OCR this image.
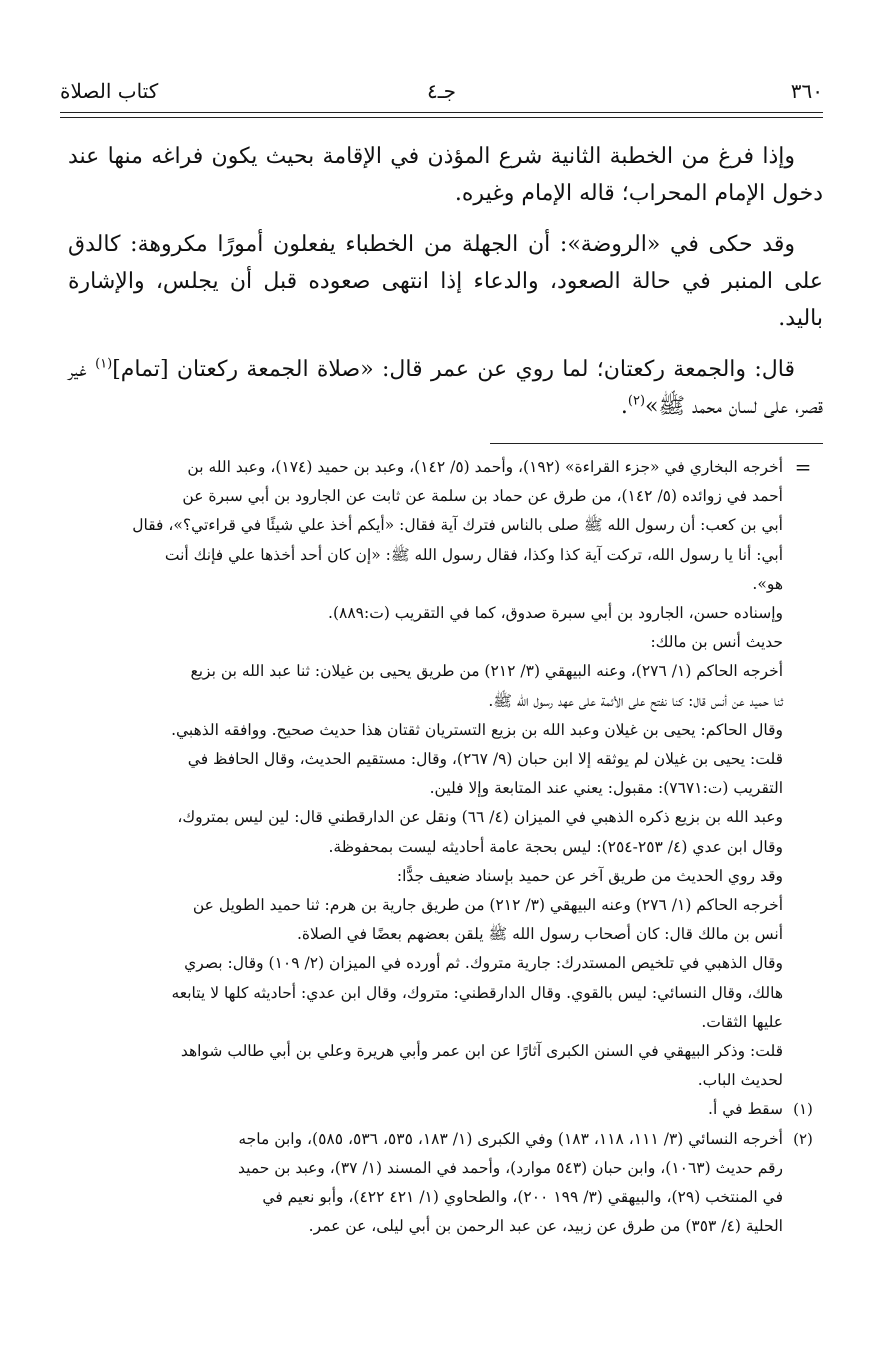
٣٦٠
جـ٤
كتاب الصلاة

وإذا فرغ من الخطبة الثانية شرع المؤذن في الإقامة بحيث يكون فراغه منها عند دخول الإمام المحراب؛ قاله الإمام وغيره.

وقد حكى في «الروضة»: أن الجهلة من الخطباء يفعلون أمورًا مكروهة: كالدق على المنبر في حالة الصعود، والدعاء إذا انتهى صعوده قبل أن يجلس، والإشارة باليد.

قال: والجمعة ركعتان؛ لما روي عن عمر قال: «صلاة الجمعة ركعتان [تمام]$^{(١)}$ غير قصر، على لسان محمد ﷺ»$^{(٢)}$.

=
أخرجه البخاري في «جزء القراءة» (١٩٢)، وأحمد (٥/ ١٤٢)، وعبد بن حميد (١٧٤)، وعبد الله بن
أحمد في زوائده (٥/ ١٤٢)، من طرق عن حماد بن سلمة عن ثابت عن الجارود بن أبي سبرة عن
أبي بن كعب: أن رسول الله ﷺ صلى بالناس فترك آية فقال: «أيكم أخذ علي شيئًا في قراءتي؟»، فقال
أبي: أنا يا رسول الله، تركت آية كذا وكذا، فقال رسول الله ﷺ: «إن كان أحد أخذها علي فإنك أنت
هو».
وإسناده حسن، الجارود بن أبي سبرة صدوق، كما في التقريب (ت:٨٨٩).
حديث أنس بن مالك:
أخرجه الحاكم (١/ ٢٧٦)، وعنه البيهقي (٣/ ٢١٢) من طريق يحيى بن غيلان: ثنا عبد الله بن بزيع
ثنا حميد عن أنس قال: كنا نفتح على الأئمة على عهد رسول الله ﷺ.
وقال الحاكم: يحيى بن غيلان وعبد الله بن بزيع التستريان ثقتان هذا حديث صحيح. ووافقه الذهبي.
قلت: يحيى بن غيلان لم يوثقه إلا ابن حبان (٩/ ٢٦٧)، وقال: مستقيم الحديث، وقال الحافظ في
التقريب (ت:٧٦٧١): مقبول: يعني عند المتابعة وإلا فلين.
وعبد الله بن بزيع ذكره الذهبي في الميزان (٤/ ٦٦) ونقل عن الدارقطني قال: لين ليس بمتروك،
وقال ابن عدي (٤/ ٢٥٣-٢٥٤): ليس بحجة عامة أحاديثه ليست بمحفوظة.
وقد روي الحديث من طريق آخر عن حميد بإسناد ضعيف جدًّا:
أخرجه الحاكم (١/ ٢٧٦) وعنه البيهقي (٣/ ٢١٢) من طريق جارية بن هرم: ثنا حميد الطويل عن
أنس بن مالك قال: كان أصحاب رسول الله ﷺ يلقن بعضهم بعضًا في الصلاة.
وقال الذهبي في تلخيص المستدرك: جارية متروك. ثم أورده في الميزان (٢/ ١٠٩) وقال: بصري
هالك، وقال النسائي: ليس بالقوي. وقال الدارقطني: متروك، وقال ابن عدي: أحاديثه كلها لا يتابعه
عليها الثقات.
قلت: وذكر البيهقي في السنن الكبرى آثارًا عن ابن عمر وأبي هريرة وعلي بن أبي طالب شواهد
لحديث الباب.
(١)
سقط في أ.
(٢)
أخرجه النسائي (٣/ ١١١، ١١٨، ١٨٣) وفي الكبرى (١/ ١٨٣، ٥٣٥، ٥٣٦، ٥٨٥)، وابن ماجه
رقم حديث (١٠٦٣)، وابن حبان (٥٤٣ موارد)، وأحمد في المسند (١/ ٣٧)، وعبد بن حميد
في المنتخب (٢٩)، والبيهقي (٣/ ١٩٩ ٢٠٠)، والطحاوي (١/ ٤٢١ ٤٢٢)، وأبو نعيم في
الحلية (٤/ ٣٥٣) من طرق عن زبيد، عن عبد الرحمن بن أبي ليلى، عن عمر.
